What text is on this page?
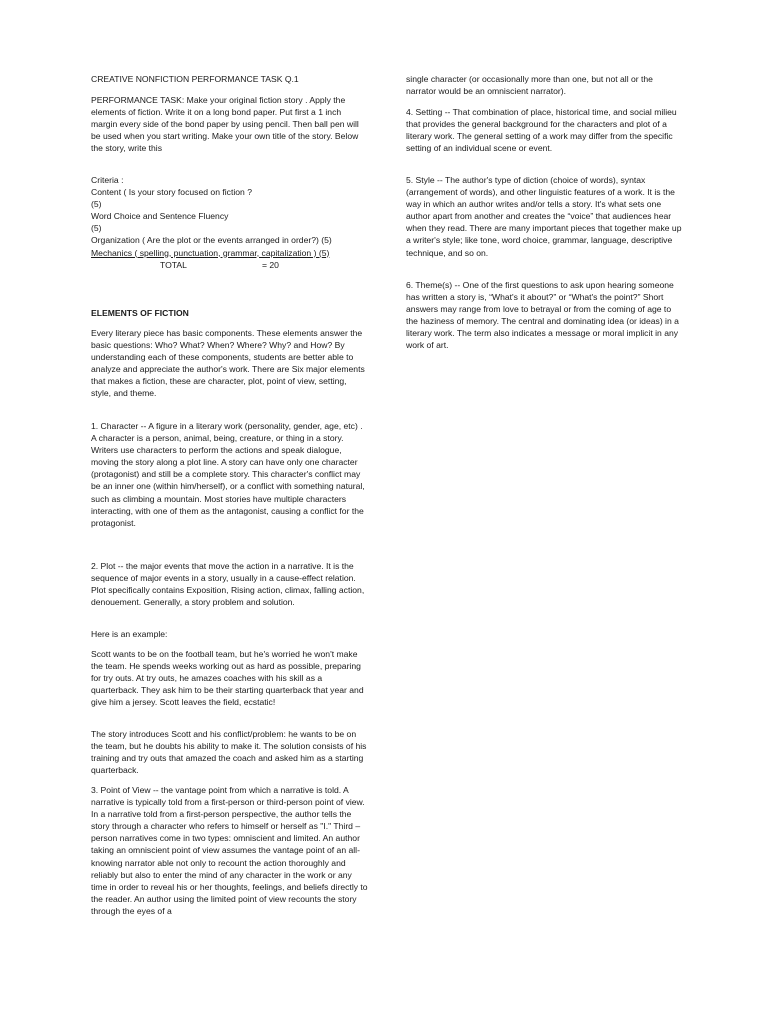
CREATIVE NONFICTION PERFORMANCE TASK Q.1

PERFORMANCE TASK: Make your original fiction story . Apply the elements of fiction. Write it on a long bond paper. Put first a 1 inch margin every side of the bond paper by using pencil. Then ball pen will be used when you start writing. Make your own title of the story. Below the story, write this

Criteria :

Content ( Is your story focused on fiction ?

(5)

Word Choice and Sentence Fluency

(5)

Organization ( Are the plot or the events arranged in order?) (5)

Mechanics ( spelling, punctuation, grammar, capitalization ) (5)

TOTAL	= 20

ELEMENTS OF FICTION

Every literary piece has basic components. These elements answer the basic questions: Who? What? When? Where? Why? and How? By understanding each of these components, students are better able to analyze and appreciate the author's work. There are Six major elements that makes a fiction, these are character, plot, point of view, setting, style, and theme.

1. Character -- A figure in a literary work (personality, gender, age, etc) . A character is a person, animal, being, creature, or thing in a story. Writers use characters to perform the actions and speak dialogue, moving the story along a plot line. A story can have only one character (protagonist) and still be a complete story. This character's conflict may be an inner one (within him/herself), or a conflict with something natural, such as climbing a mountain. Most stories have multiple characters interacting, with one of them as the antagonist, causing a conflict for the protagonist.

2. Plot -- the major events that move the action in a narrative. It is the sequence of major events in a story, usually in a cause-effect relation. Plot specifically contains Exposition, Rising action, climax, falling action, denouement. Generally, a story problem and solution.

Here is an example:

Scott wants to be on the football team, but he's worried he won't make the team. He spends weeks working out as hard as possible, preparing for try outs. At try outs, he amazes coaches with his skill as a quarterback. They ask him to be their starting quarterback that year and give him a jersey. Scott leaves the field, ecstatic!

The story introduces Scott and his conflict/problem: he wants to be on the team, but he doubts his ability to make it. The solution consists of his training and try outs that amazed the coach and asked him as a starting quarterback.

3. Point of View -- the vantage point from which a narrative is told. A narrative is typically told from a first-person or third-person point of view. In a narrative told from a first-person perspective, the author tells the story through a character who refers to himself or herself as "I." Third –person narratives come in two types: omniscient and limited. An author taking an omniscient point of view assumes the vantage point of an all-knowing narrator able not only to recount the action thoroughly and reliably but also to enter the mind of any character in the work or any time in order to reveal his or her thoughts, feelings, and beliefs directly to the reader. An author using the limited point of view recounts the story through the eyes of a

single character (or occasionally more than one, but not all or the narrator would be an omniscient narrator).

4. Setting -- That combination of place, historical time, and social milieu that provides the general background for the characters and plot of a literary work. The general setting of a work may differ from the specific setting of an individual scene or event.

5. Style -- The author's type of diction (choice of words), syntax (arrangement of words), and other linguistic features of a work. It is the way in which an author writes and/or tells a story. It's what sets one author apart from another and creates the “voice” that audiences hear when they read. There are many important pieces that together make up a writer's style; like tone, word choice, grammar, language, descriptive technique, and so on.

6. Theme(s) -- One of the first questions to ask upon hearing someone has written a story is, “What's it about?” or “What's the point?” Short answers may range from love to betrayal or from the coming of age to the haziness of memory. The central and dominating idea (or ideas) in a literary work. The term also indicates a message or moral implicit in any work of art.
